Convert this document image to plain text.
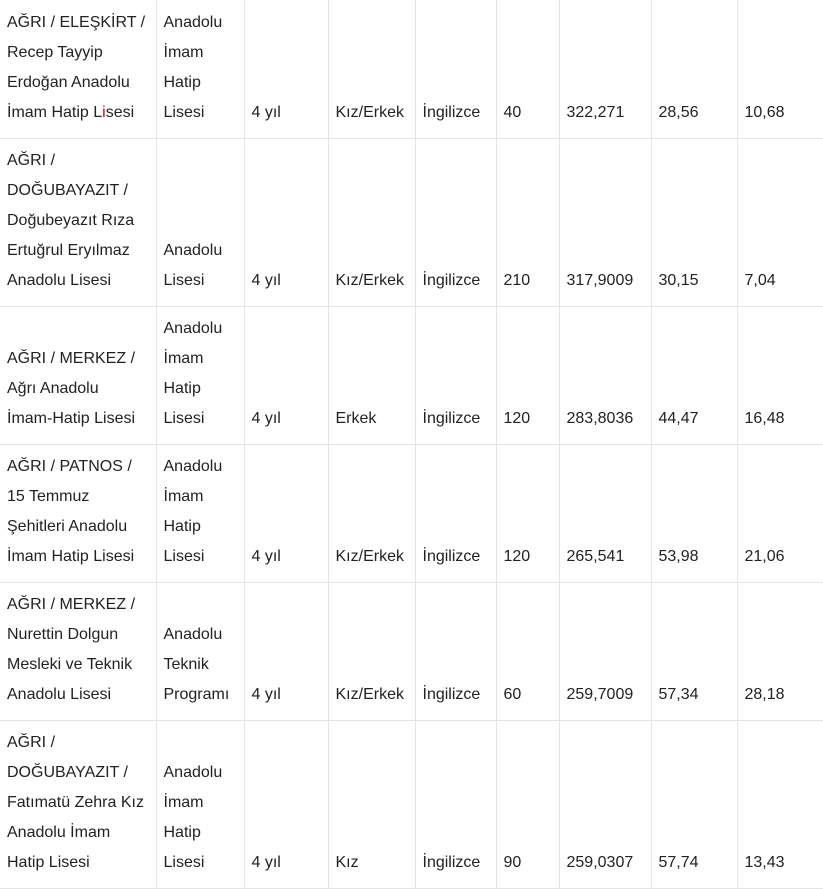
AĞRI / ELEŞKİRT /
Recep Tayyip
Erdoğan Anadolu
İmam Hatip Lisesi	Anadolu
İmam
Hatip
Lisesi	4 yıl	Kız/Erkek	İngilizce	40	322,271	28,56	10,68
AĞRI /
DOĞUBAYAZIT /
Doğubeyazıt Rıza
Ertuğrul Eryılmaz
Anadolu Lisesi	Anadolu
Lisesi	4 yıl	Kız/Erkek	İngilizce	210	317,9009	30,15	7,04
AĞRI / MERKEZ /
Ağrı Anadolu
İmam-Hatip Lisesi	Anadolu
İmam
Hatip
Lisesi	4 yıl	Erkek	İngilizce	120	283,8036	44,47	16,48
AĞRI / PATNOS /
15 Temmuz
Şehitleri Anadolu
İmam Hatip Lisesi	Anadolu
İmam
Hatip
Lisesi	4 yıl	Kız/Erkek	İngilizce	120	265,541	53,98	21,06
AĞRI / MERKEZ /
Nurettin Dolgun
Mesleki ve Teknik
Anadolu Lisesi	Anadolu
Teknik
Programı	4 yıl	Kız/Erkek	İngilizce	60	259,7009	57,34	28,18
AĞRI /
DOĞUBAYAZIT /
Fatımatü Zehra Kız
Anadolu İmam
Hatip Lisesi	Anadolu
İmam
Hatip
Lisesi	4 yıl	Kız	İngilizce	90	259,0307	57,74	13,43
